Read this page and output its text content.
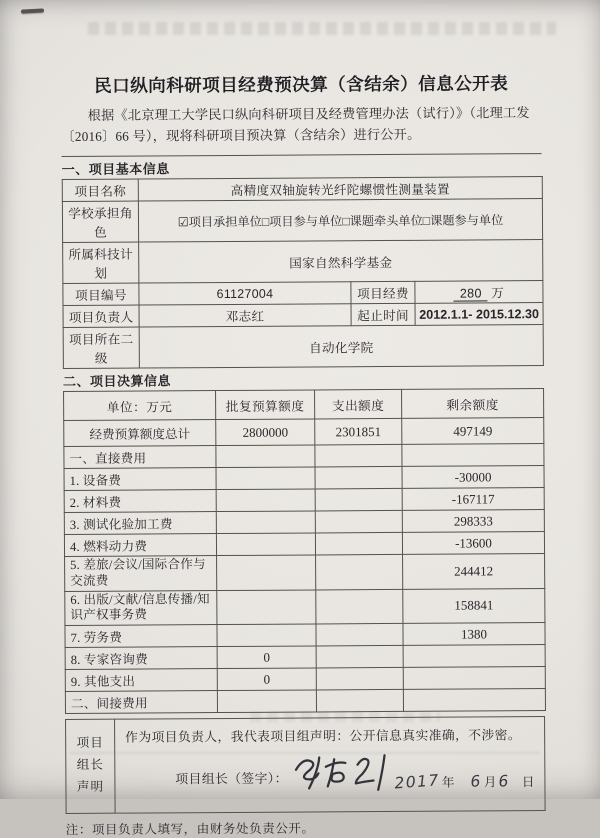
民口纵向科研项目经费预决算（含结余）信息公开表

根据《北京理工大学民口纵向科研项目及经费管理办法（试行）》（北理工发〔2016〕66 号），现将科研项目预决算（含结余）进行公开。

一、项目基本信息
项目名称	高精度双轴旋转光纤陀螺惯性测量装置		
学校承担角色	☑项目承担单位□项目参与单位□课题牵头单位□课题参与单位		
所属科技计划	国家自然科学基金		
项目编号	61127004	项目经费	280 万
项目负责人	邓志红	起止时间	2012.1.1- 2015.12.30
项目所在二级	自动化学院		
二、项目决算信息
单位：万元	批复预算额度	支出额度	剩余额度
经费预算额度总计	2800000	2301851	497149
一、直接费用			
1. 设备费			-30000
2. 材料费			-167117
3. 测试化验加工费			298333
4. 燃料动力费			-13600
5. 差旅/会议/国际合作与交流费			244412
6. 出版/文献/信息传播/知识产权事务费			158841
7. 劳务费			1380
8. 专家咨询费	0		
9. 其他支出	0		
二、间接费用			
项目
组长
声明

作为项目负责人，我代表项目组声明：公开信息真实准确，不涉密。
项目组长（签字）：	2017年 6月6 日

注：项目负责人填写，由财务处负责公开。
